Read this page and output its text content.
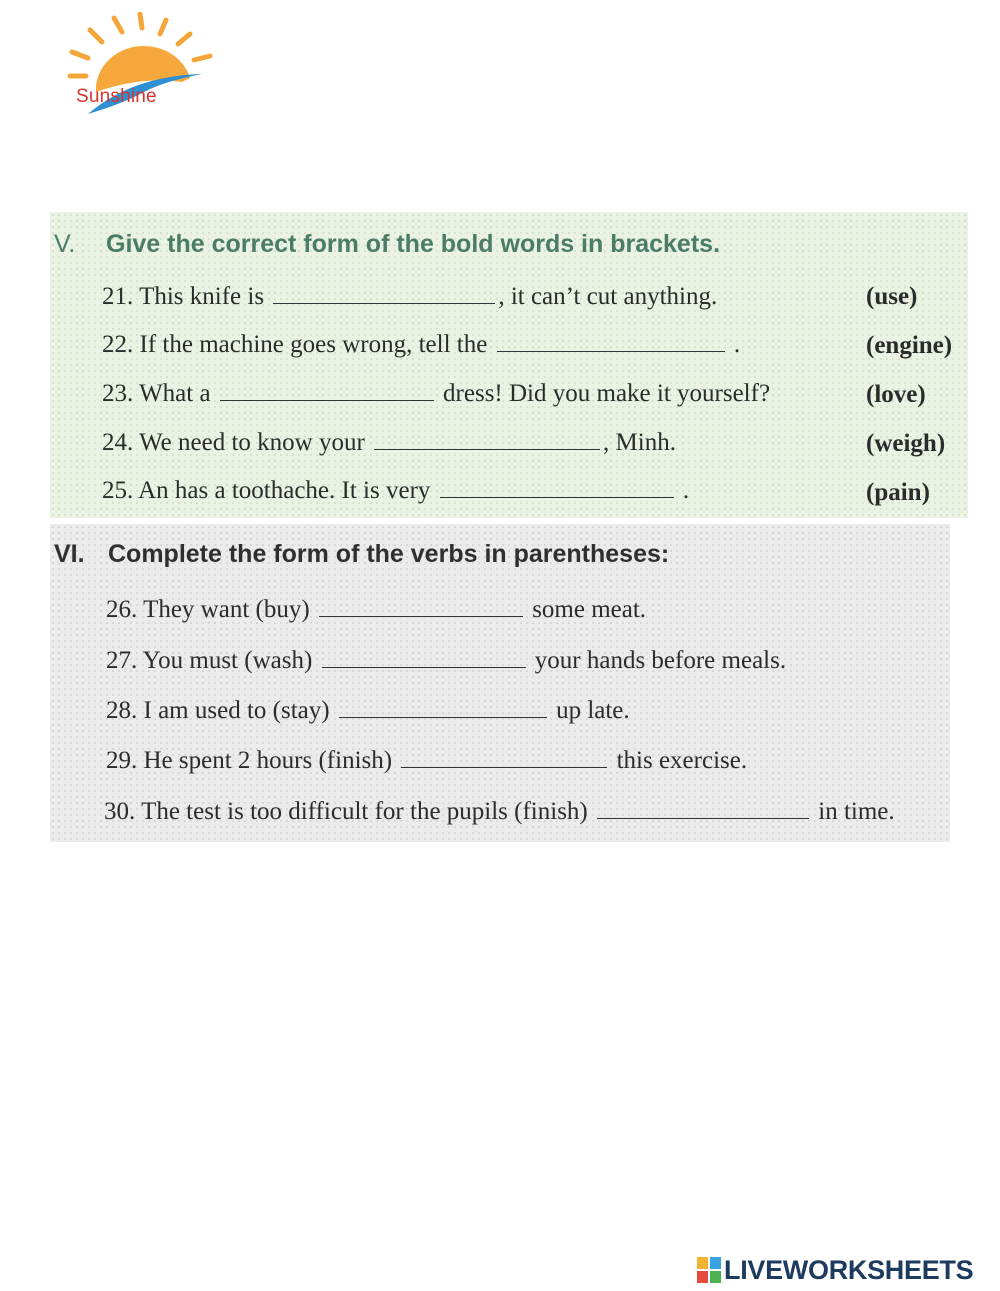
Sunshine
V. Give the correct form of the bold words in brackets.
21. This knife is	, it can’t cut anything.	(use)
22. If the machine goes wrong, tell the	.	(engine)
23. What a	dress! Did you make it yourself?	(love)
24. We need to know your	, Minh.	(weigh)
25. An has a toothache. It is very	.	(pain)
VI. Complete the form of the verbs in parentheses:
26. They want (buy)	some meat.
27. You must (wash)	your hands before meals.
28. I am used to (stay)	up late.
29. He spent 2 hours (finish)	this exercise.
30. The test is too difficult for the pupils (finish)	in time.
LIVEWORKSHEETS
